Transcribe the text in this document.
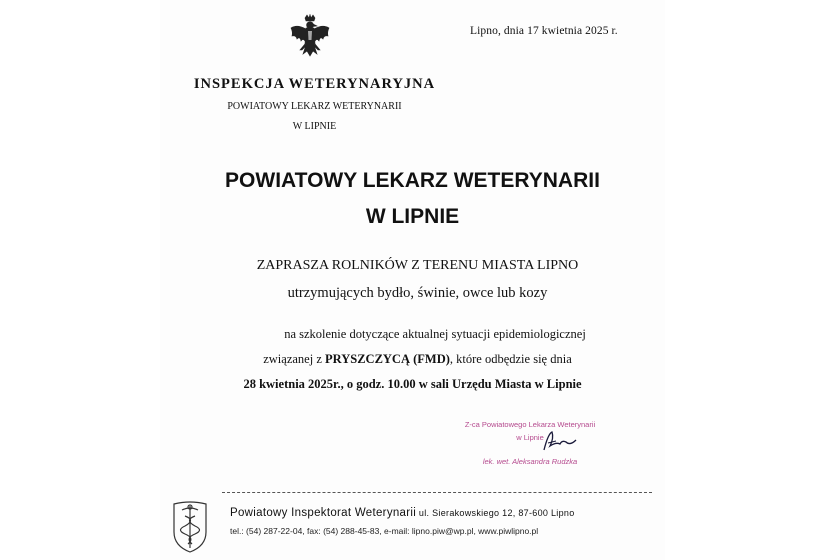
Lipno, dnia 17 kwietnia 2025 r.
INSPEKCJA WETERYNARYJNA
POWIATOWY LEKARZ WETERYNARII
W LIPNIE
POWIATOWY LEKARZ WETERYNARII
W LIPNIE
ZAPRASZA ROLNIKÓW Z TERENU MIASTA LIPNO
utrzymujących bydło, świnie, owce lub kozy
na szkolenie dotyczące aktualnej sytuacji epidemiologicznej
związanej z PRYSZCZYCĄ (FMD), które odbędzie się dnia
28 kwietnia 2025r., o godz. 10.00 w sali Urzędu Miasta w Lipnie
Z-ca Powiatowego Lekarza Weterynarii
w Lipnie
lek. wet. Aleksandra Rudzka
Powiatowy Inspektorat Weterynarii ul. Sierakowskiego 12, 87-600 Lipno
tel.: (54) 287-22-04, fax: (54) 288-45-83, e-mail: lipno.piw@wp.pl, www.piwlipno.pl
